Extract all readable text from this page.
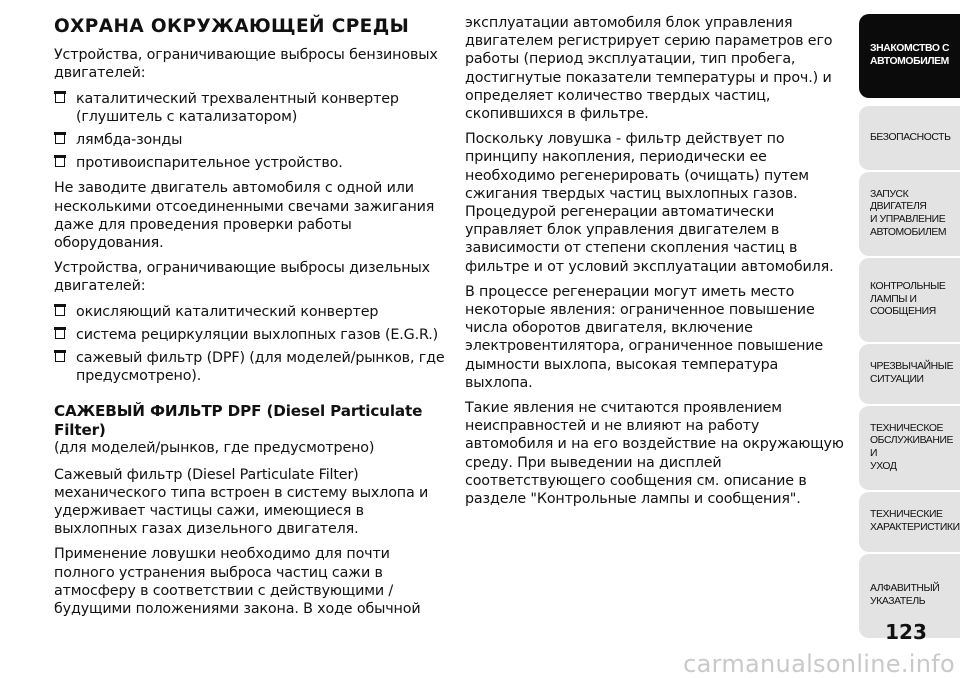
ОХРАНА ОКРУЖАЮЩЕЙ СРЕДЫ

Устройства, ограничивающие выбросы бензиновых двигателей:

каталитический трехвалентный конвертер (глушитель с катализатором)
лямбда-зонды
противоиспарительное устройство.

Не заводите двигатель автомобиля с одной или несколькими отсоединенными свечами зажигания даже для проведения проверки работы оборудования.

Устройства, ограничивающие выбросы дизельных двигателей:

окисляющий каталитический конвертер
система рециркуляции выхлопных газов (E.G.R.)
сажевый фильтр (DPF) (для моделей/рынков, где предусмотрено).
САЖЕВЫЙ ФИЛЬТР DPF (Diesel Particulate Filter)

(для моделей/рынков, где предусмотрено)

Сажевый фильтр (Diesel Particulate Filter) механического типа встроен в систему выхлопа и удерживает частицы сажи, имеющиеся в выхлопных газах дизельного двигателя.

Применение ловушки необходимо для почти полного устранения выброса частиц сажи в атмосферу в соответствии с действующими / будущими положениями закона. В ходе обычной

эксплуатации автомобиля блок управления двигателем регистрирует серию параметров его работы (период эксплуатации, тип пробега, достигнутые показатели температуры и проч.) и определяет количество твердых частиц, скопившихся в фильтре.

Поскольку ловушка - фильтр действует по принципу накопления, периодически ее необходимо регенерировать (очищать) путем сжигания твердых частиц выхлопных газов. Процедурой регенерации автоматически управляет блок управления двигателем в зависимости от степени скопления частиц в фильтре и от условий эксплуатации автомобиля.

В процессе регенерации могут иметь место некоторые явления: ограниченное повышение числа оборотов двигателя, включение электровентилятора, ограниченное повышение дымности выхлопа, высокая температура выхлопа.

Такие явления не считаются проявлением неисправностей и не влияют на работу автомобиля и на его воздействие на окружающую среду. При выведении на дисплей соответствующего сообщения см. описание в разделе "Контрольные лампы и сообщения".

ЗНАКОМСТВО С
АВТОМОБИЛЕМ
БЕЗОПАСНОСТЬ
ЗАПУСК ДВИГАТЕЛЯ
И УПРАВЛЕНИЕ
АВТОМОБИЛЕМ
КОНТРОЛЬНЫЕ
ЛАМПЫ И
СООБЩЕНИЯ
ЧРЕЗВЫЧАЙНЫЕ
СИТУАЦИИ
ТЕХНИЧЕСКОЕ
ОБСЛУЖИВАНИЕ И
УХОД
ТЕХНИЧЕСКИЕ
ХАРАКТЕРИСТИКИ
АЛФАВИТНЫЙ
УКАЗАТЕЛЬ
123
carmanualsonline.info
